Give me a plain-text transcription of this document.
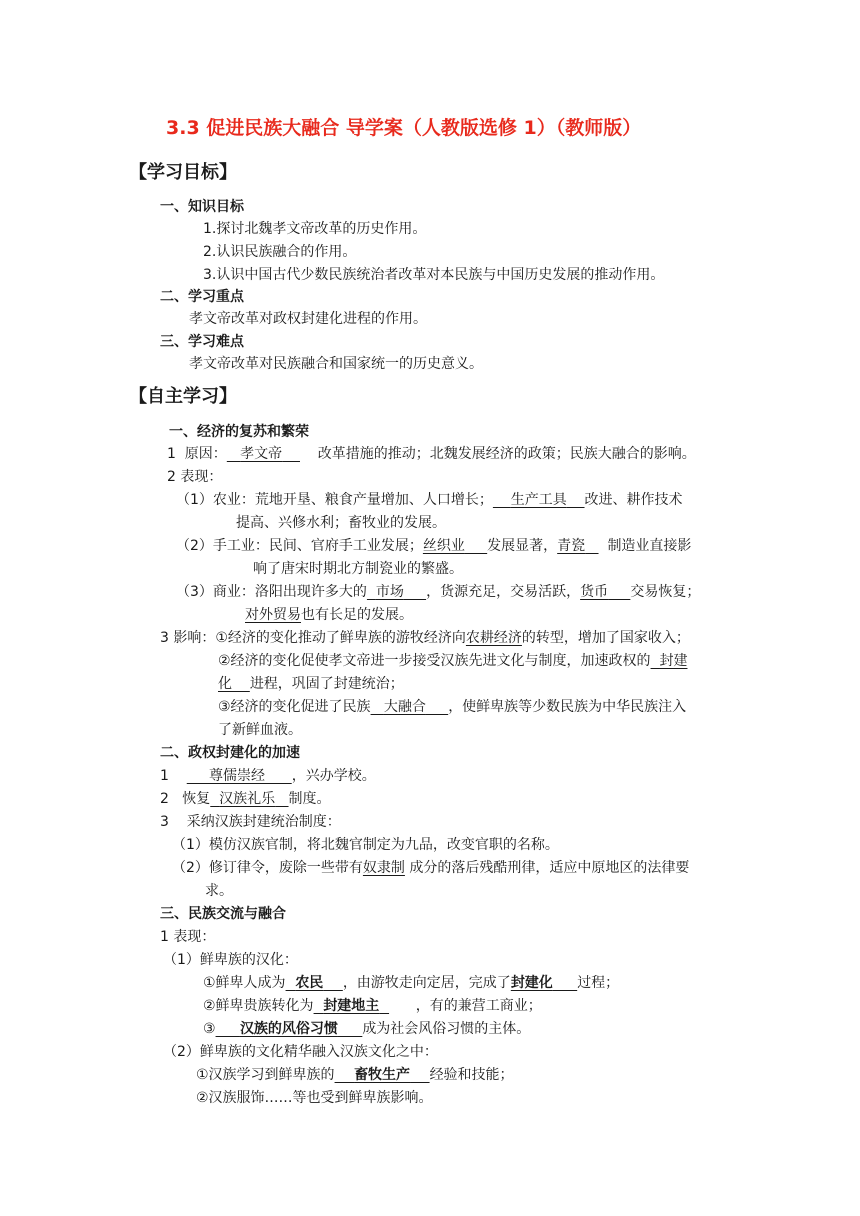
3.3 促进民族大融合 导学案（人教版选修 1）（教师版）
【学习目标】
一、知识目标
1.探讨北魏孝文帝改革的历史作用。
2.认识民族融合的作用。
3.认识中国古代少数民族统治者改革对本民族与中国历史发展的推动作用。
二、学习重点
孝文帝改革对政权封建化进程的作用。
三、学习难点
孝文帝改革对民族融合和国家统一的历史意义。
【自主学习】
一、经济的复苏和繁荣
1  原因： 孝文帝	改革措施的推动；北魏发展经济的政策；民族大融合的影响。
2 表现：
（1）农业：荒地开垦、粮食产量增加、人口增长； 生产工具 改进、耕作技术
提高、兴修水利；畜牧业的发展。
（2）手工业：民间、官府手工业发展；丝织业 发展显著，青瓷 制造业直接影
响了唐宋时期北方制瓷业的繁盛。
（3）商业：洛阳出现许多大的 市场 ，货源充足，交易活跃，货币 交易恢复；
对外贸易也有长足的发展。
3 影响：①经济的变化推动了鲜卑族的游牧经济向农耕经济的转型，增加了国家收入；
②经济的变化促使孝文帝进一步接受汉族先进文化与制度，加速政权的 封建
化 进程，巩固了封建统治；
③经济的变化促进了民族 大融合 ，使鲜卑族等少数民族为中华民族注入
了新鲜血液。
二、政权封建化的加速
1	尊儒崇经 ，兴办学校。
2   恢复 汉族礼乐 制度。
3    采纳汉族封建统治制度：
（1）模仿汉族官制，将北魏官制定为九品，改变官职的名称。
（2）修订律令，废除一些带有奴隶制 成分的落后残酷刑律，适应中原地区的法律要
求。
三、民族交流与融合
1 表现：
（1）鲜卑族的汉化：
①鲜卑人成为 农民 ，由游牧走向定居，完成了封建化 过程；
②鲜卑贵族转化为 封建地主	，有的兼营工商业；
③ 汉族的风俗习惯 成为社会风俗习惯的主体。
（2）鲜卑族的文化精华融入汉族文化之中：
①汉族学习到鲜卑族的 畜牧生产 经验和技能；
②汉族服饰……等也受到鲜卑族影响。
